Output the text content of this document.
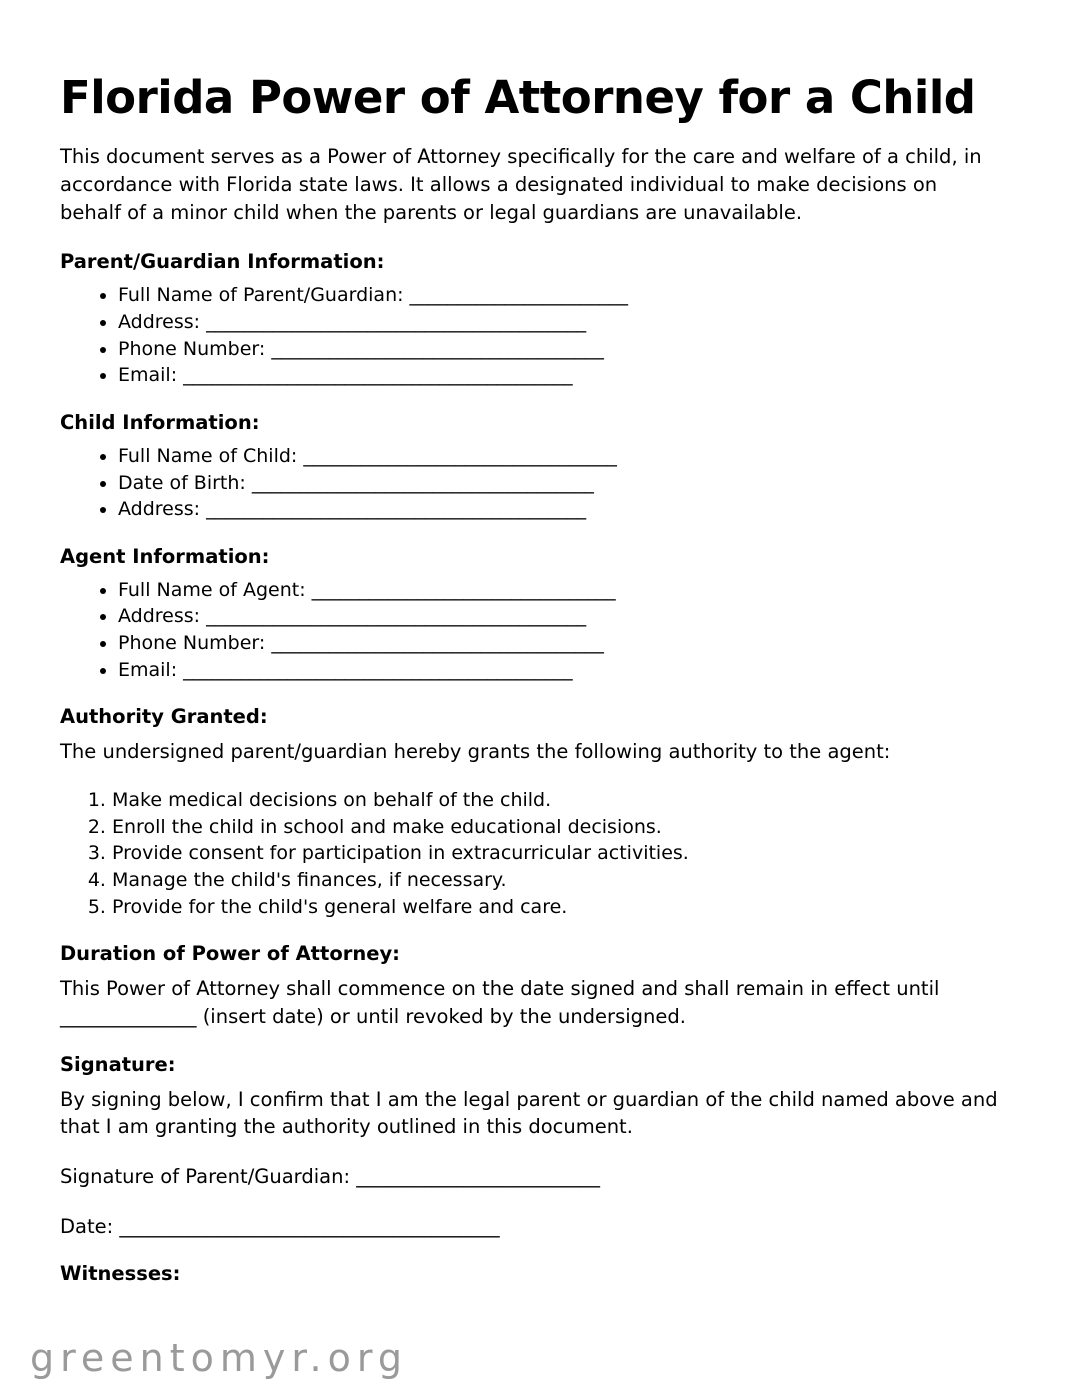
Florida Power of Attorney for a Child

This document serves as a Power of Attorney specifically for the care and welfare of a child, in accordance with Florida state laws. It allows a designated individual to make decisions on behalf of a minor child when the parents or legal guardians are unavailable.

Parent/Guardian Information:
• Full Name of Parent/Guardian: _______________________
• Address: ________________________________________
• Phone Number: ___________________________________
• Email: _________________________________________
Child Information:
• Full Name of Child: _________________________________
• Date of Birth: ____________________________________
• Address: ________________________________________
Agent Information:
• Full Name of Agent: ________________________________
• Address: ________________________________________
• Phone Number: ___________________________________
• Email: _________________________________________
Authority Granted:

The undersigned parent/guardian hereby grants the following authority to the agent:

1. Make medical decisions on behalf of the child.
2. Enroll the child in school and make educational decisions.
3. Provide consent for participation in extracurricular activities.
4. Manage the child's finances, if necessary.
5. Provide for the child's general welfare and care.
Duration of Power of Attorney:

This Power of Attorney shall commence on the date signed and shall remain in effect until ______________ (insert date) or until revoked by the undersigned.

Signature:

By signing below, I confirm that I am the legal parent or guardian of the child named above and that I am granting the authority outlined in this document.

Signature of Parent/Guardian: _________________________

Date: _______________________________________

Witnesses:
greentomyr.org
